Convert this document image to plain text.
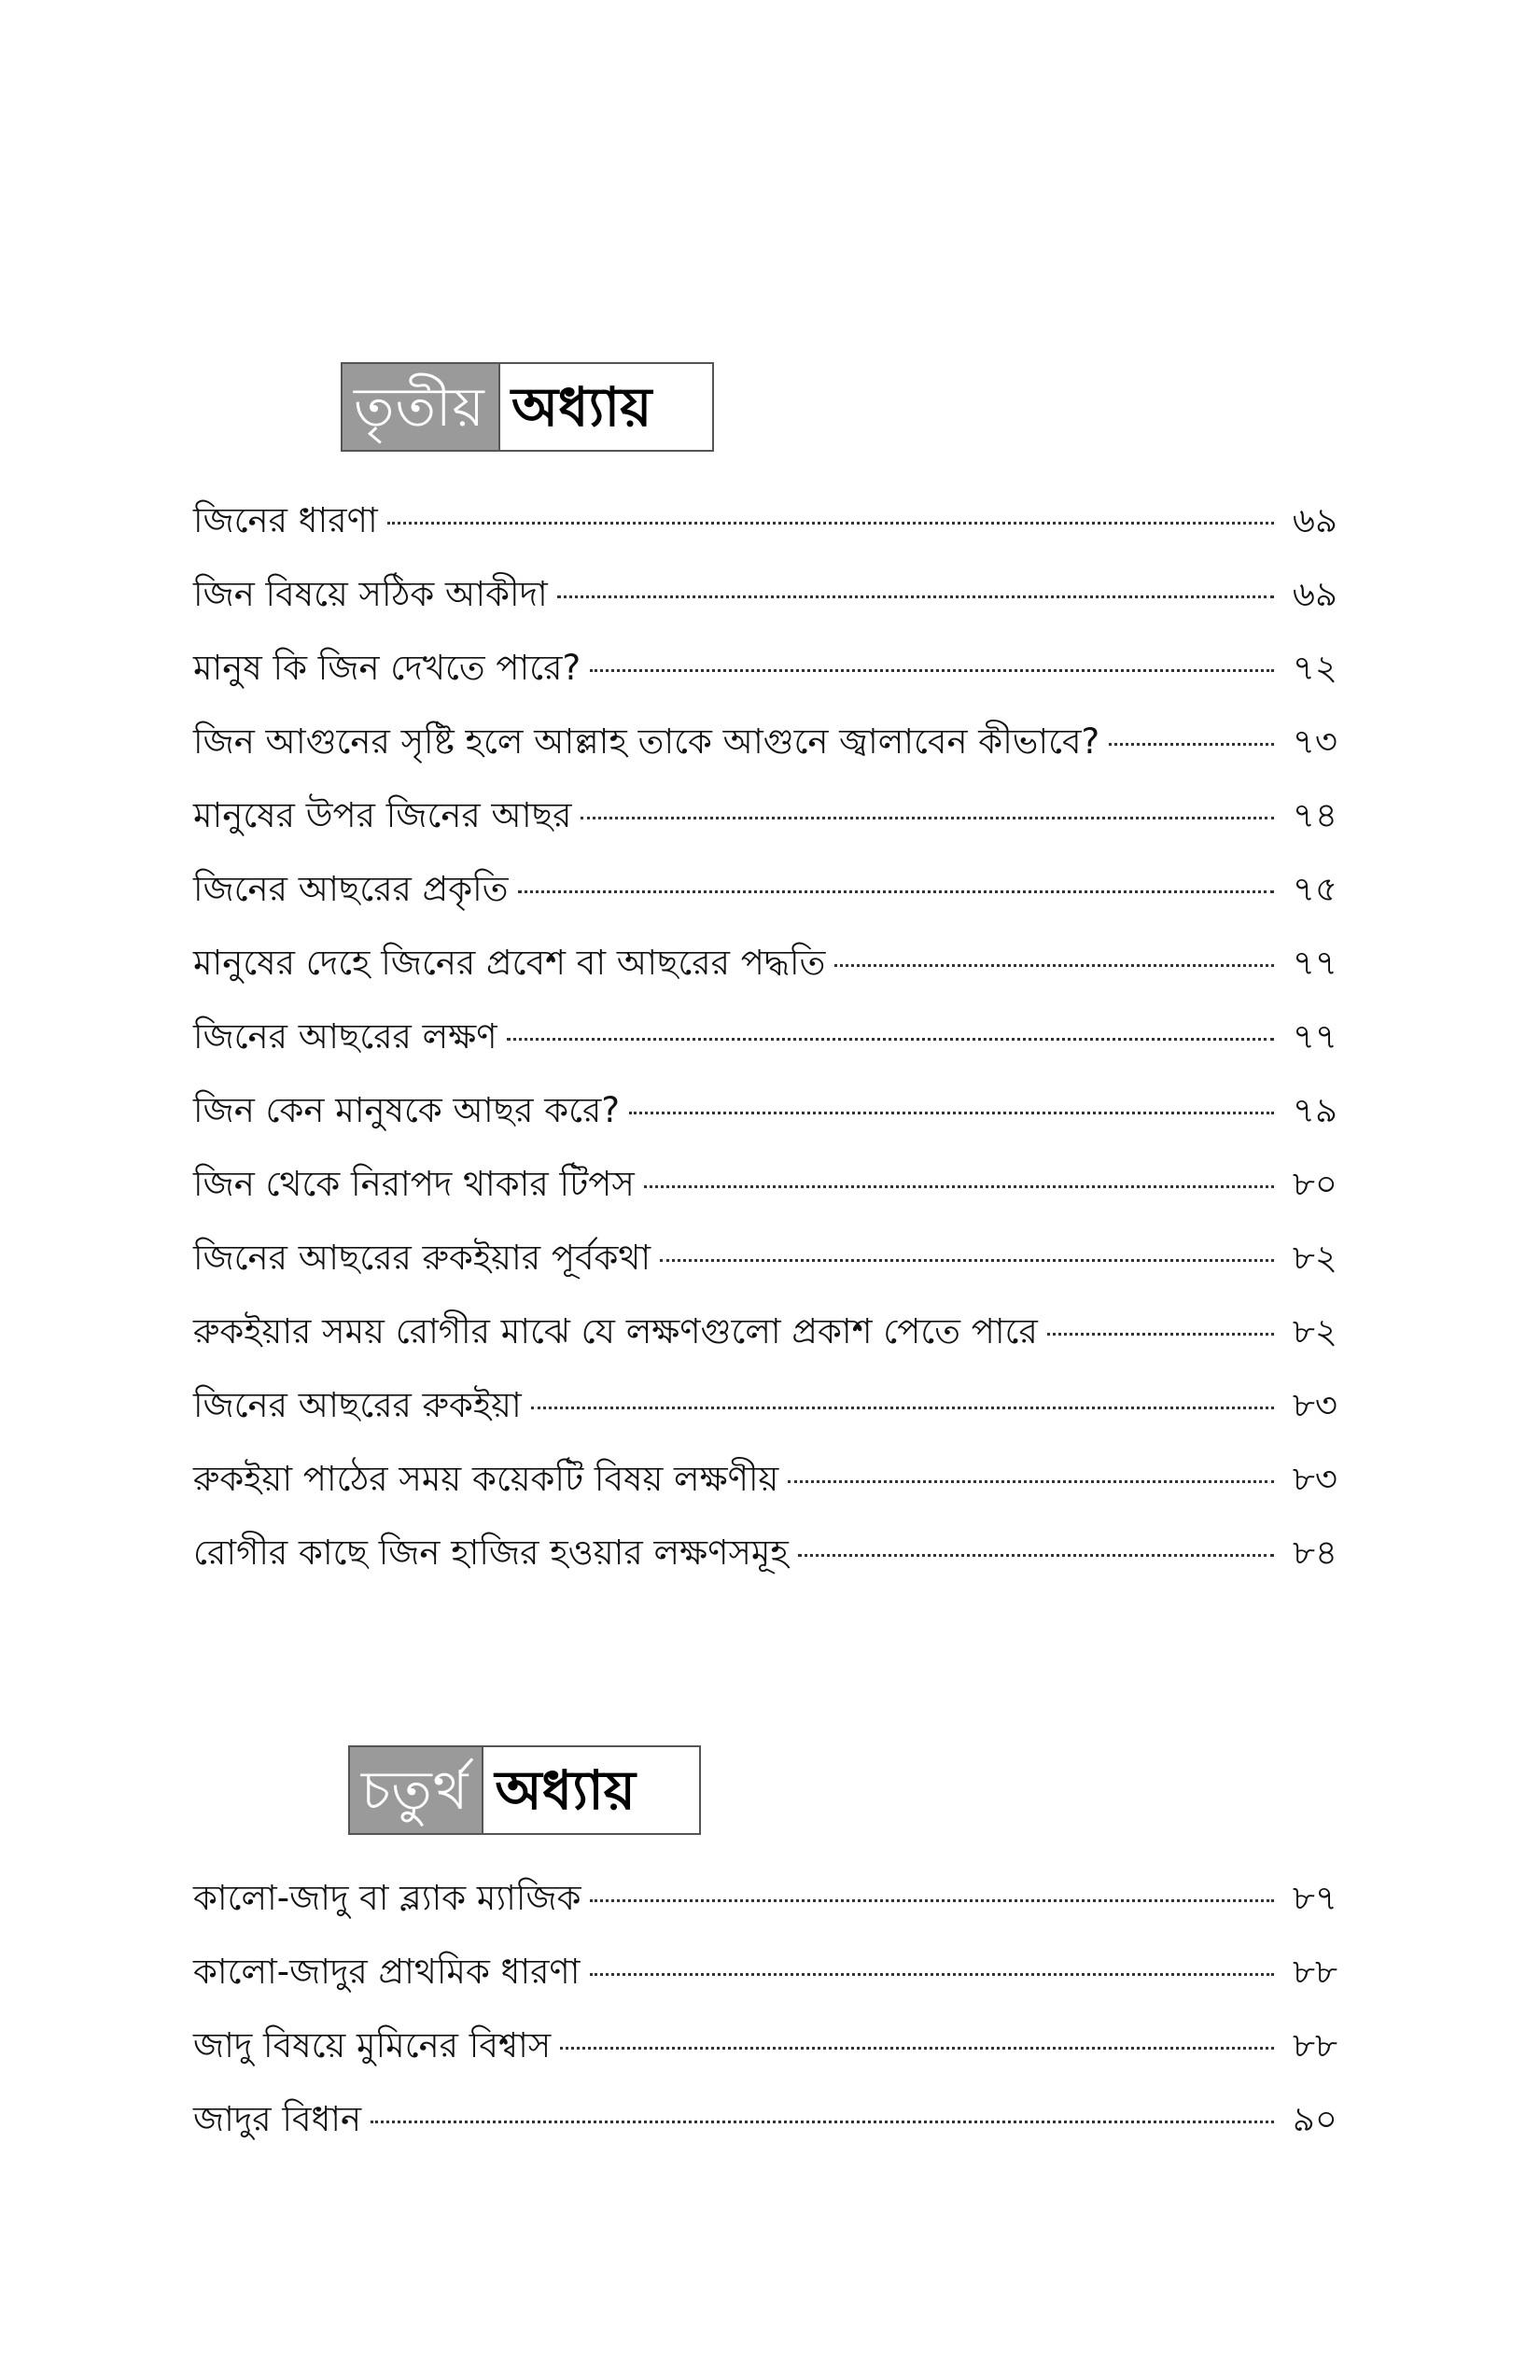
তৃতীয় অধ্যায়
জিনের ধারণা	৬৯
জিন বিষয়ে সঠিক আকীদা	৬৯
মানুষ কি জিন দেখতে পারে?	৭২
জিন আগুনের সৃষ্টি হলে আল্লাহ তাকে আগুনে জ্বালাবেন কীভাবে?	৭৩
মানুষের উপর জিনের আছর	৭৪
জিনের আছরের প্রকৃতি	৭৫
মানুষের দেহে জিনের প্রবেশ বা আছরের পদ্ধতি	৭৭
জিনের আছরের লক্ষণ	৭৭
জিন কেন মানুষকে আছর করে?	৭৯
জিন থেকে নিরাপদ থাকার টিপস	৮০
জিনের আছরের রুকইয়ার পূর্বকথা	৮২
রুকইয়ার সময় রোগীর মাঝে যে লক্ষণগুলো প্রকাশ পেতে পারে	৮২
জিনের আছরের রুকইয়া	৮৩
রুকইয়া পাঠের সময় কয়েকটি বিষয় লক্ষণীয়	৮৩
রোগীর কাছে জিন হাজির হওয়ার লক্ষণসমূহ	৮৪
চতুর্থ অধ্যায়
কালো-জাদু বা ব্ল্যাক ম্যাজিক	৮৭
কালো-জাদুর প্রাথমিক ধারণা	৮৮
জাদু বিষয়ে মুমিনের বিশ্বাস	৮৮
জাদুর বিধান	৯০
